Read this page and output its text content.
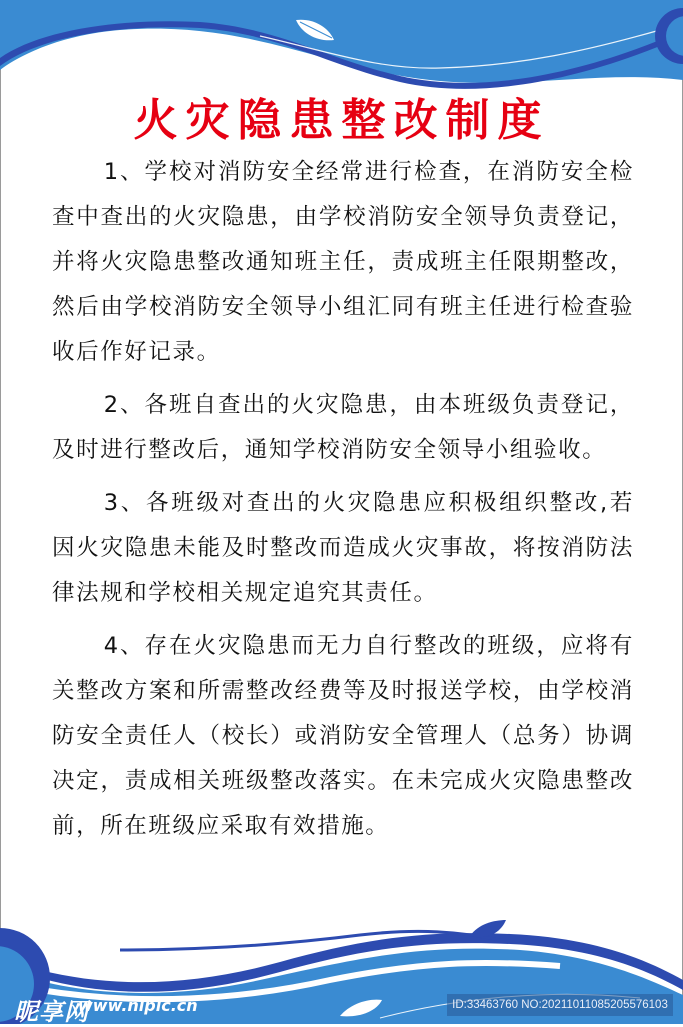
火灾隐患整改制度

1、学校对消防安全经常进行检查，在消防安全检查中查出的火灾隐患，由学校消防安全领导负责登记，并将火灾隐患整改通知班主任，责成班主任限期整改，然后由学校消防安全领导小组汇同有班主任进行检查验收后作好记录。

2、各班自查出的火灾隐患，由本班级负责登记，及时进行整改后，通知学校消防安全领导小组验收。

3、各班级对查出的火灾隐患应积极组织整改,若因火灾隐患未能及时整改而造成火灾事故，将按消防法律法规和学校相关规定追究其责任。

4、存在火灾隐患而无力自行整改的班级，应将有关整改方案和所需整改经费等及时报送学校，由学校消防安全责任人（校长）或消防安全管理人（总务）协调决定，责成相关班级整改落实。在未完成火灾隐患整改前，所在班级应采取有效措施。

昵享网
www.nipic.cn	ID:33463760 NO:20211011085205576103
